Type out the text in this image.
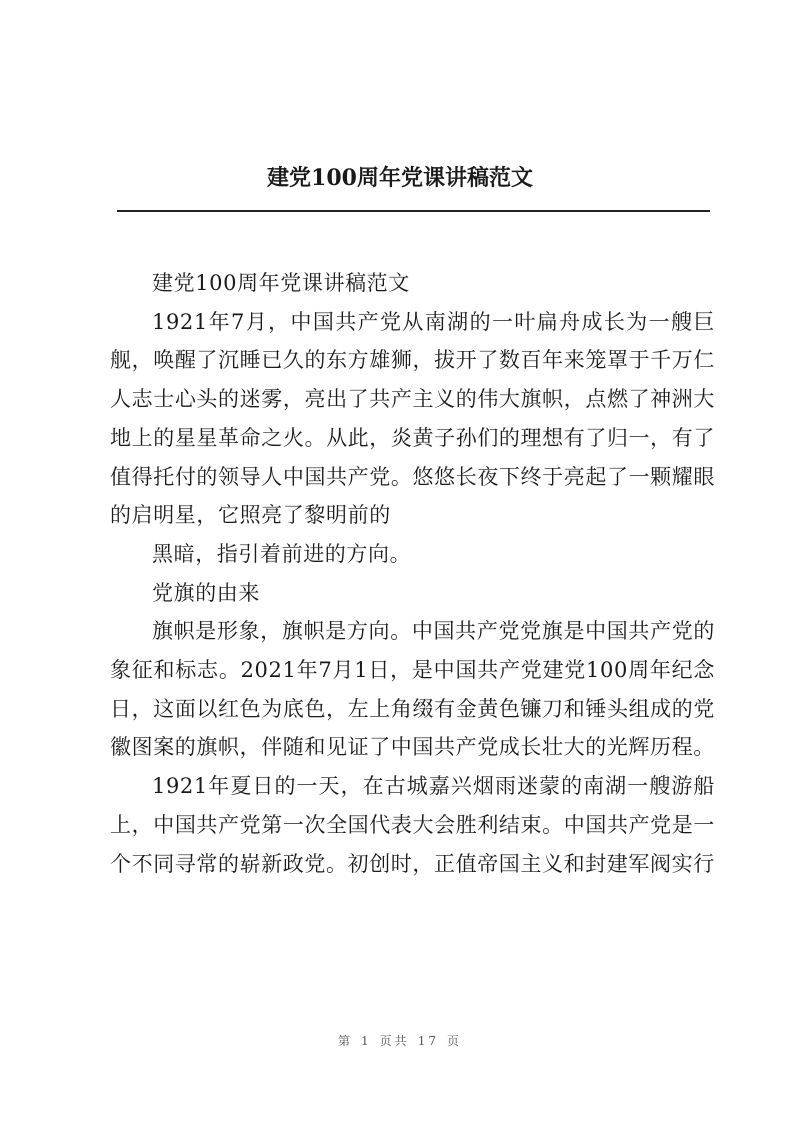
建党100周年党课讲稿范文

建党100周年党课讲稿范文

1921年7月，中国共产党从南湖的一叶扁舟成长为一艘巨舰，唤醒了沉睡已久的东方雄狮，拔开了数百年来笼罩于千万仁人志士心头的迷雾，亮出了共产主义的伟大旗帜，点燃了神洲大地上的星星革命之火。从此，炎黄子孙们的理想有了归一，有了值得托付的领导人中国共产党。悠悠长夜下终于亮起了一颗耀眼的启明星，它照亮了黎明前的

黑暗，指引着前进的方向。

党旗的由来

旗帜是形象，旗帜是方向。中国共产党党旗是中国共产党的象征和标志。2021年7月1日，是中国共产党建党100周年纪念日，这面以红色为底色，左上角缀有金黄色镰刀和锤头组成的党徽图案的旗帜，伴随和见证了中国共产党成长壮大的光辉历程。

1921年夏日的一天，在古城嘉兴烟雨迷蒙的南湖一艘游船上，中国共产党第一次全国代表大会胜利结束。中国共产党是一个不同寻常的崭新政党。初创时，正值帝国主义和封建军阀实行

第 1 页共 17 页
